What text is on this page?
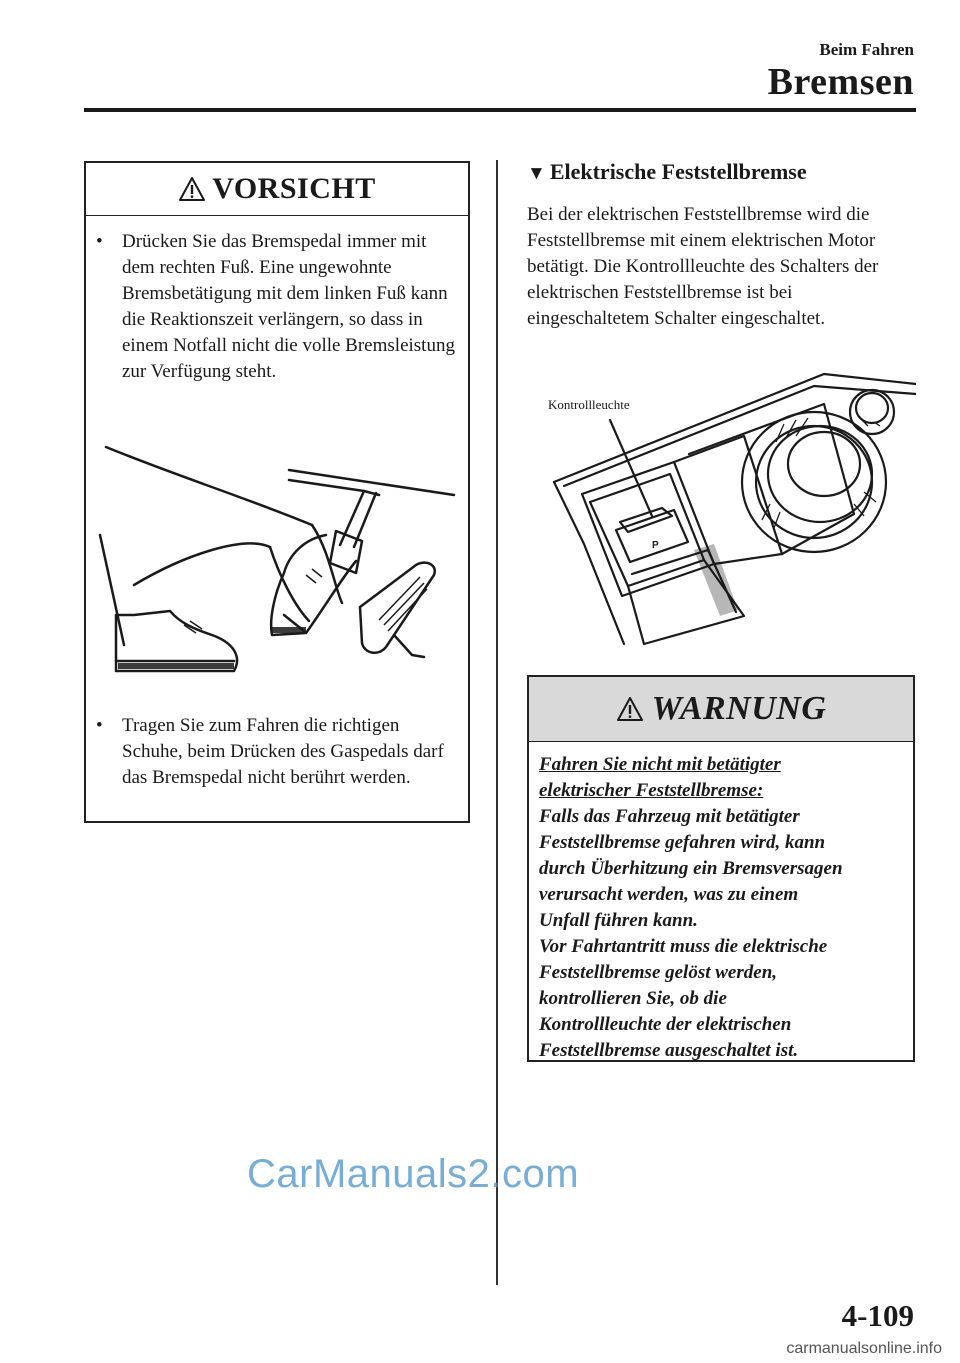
Beim Fahren
Bremsen
VORSICHT
•	Drücken Sie das Bremspedal immer mit dem rechten Fuß. Eine ungewohnte Bremsbetätigung mit dem linken Fuß kann die Reaktionszeit verlängern, so dass in einem Notfall nicht die volle Bremsleistung zur Verfügung steht.
•	Tragen Sie zum Fahren die richtigen Schuhe, beim Drücken des Gaspedals darf das Bremspedal nicht berührt werden.
▼ Elektrische Feststellbremse
Bei der elektrischen Feststellbremse wird die Feststellbremse mit einem elektrischen Motor betätigt. Die Kontrollleuchte des Schalters der elektrischen Feststellbremse ist bei eingeschaltetem Schalter eingeschaltet.
P
Kontrollleuchte
WARNUNG
Fahren Sie nicht mit betätigter
elektrischer Feststellbremse:
Falls das Fahrzeug mit betätigter
Feststellbremse gefahren wird, kann
durch Überhitzung ein Bremsversagen
verursacht werden, was zu einem
Unfall führen kann.
Vor Fahrtantritt muss die elektrische
Feststellbremse gelöst werden,
kontrollieren Sie, ob die
Kontrollleuchte der elektrischen
Feststellbremse ausgeschaltet ist.
CarManuals2.com
4-109
carmanualsonline.info
